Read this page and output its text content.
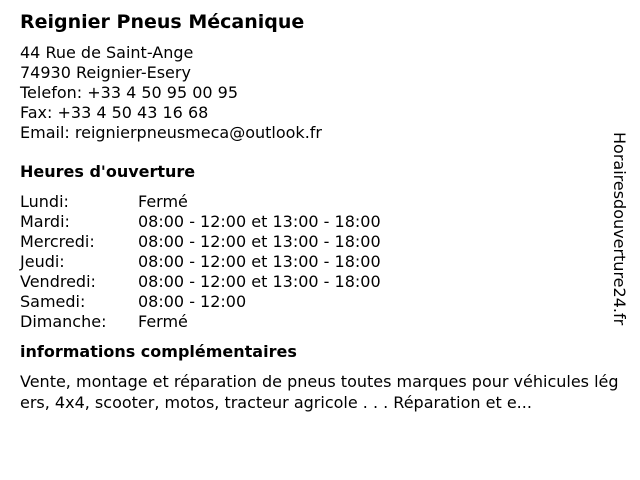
Reignier Pneus Mécanique
44 Rue de Saint-Ange
74930 Reignier-Esery
Telefon: +33 4 50 95 00 95
Fax: +33 4 50 43 16 68
Email: reignierpneusmeca@outlook.fr
Heures d'ouverture
Lundi:	Fermé
Mardi:	08:00 - 12:00 et 13:00 - 18:00
Mercredi:	08:00 - 12:00 et 13:00 - 18:00
Jeudi:	08:00 - 12:00 et 13:00 - 18:00
Vendredi:	08:00 - 12:00 et 13:00 - 18:00
Samedi:	08:00 - 12:00
Dimanche: Fermé
informations complémentaires
Vente, montage et réparation de pneus toutes marques pour véhicules légers, 4x4, scooter, motos, tracteur agricole . . . Réparation et e...
Horairesdouverture24.fr
